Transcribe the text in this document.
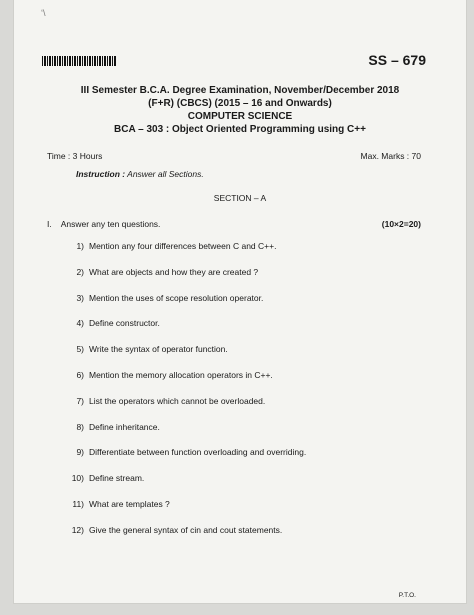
‘\
SS – 679
III Semester B.C.A. Degree Examination, November/December 2018
(F+R) (CBCS) (2015 – 16 and Onwards)
COMPUTER SCIENCE
BCA – 303 : Object Oriented Programming using C++
Time : 3 Hours	Max. Marks : 70
Instruction : Answer all Sections.
SECTION – A
I. Answer any ten questions.	(10×2=20)
1) Mention any four differences between C and C++.
2) What are objects and how they are created ?
3) Mention the uses of scope resolution operator.
4) Define constructor.
5) Write the syntax of operator function.
6) Mention the memory allocation operators in C++.
7) List the operators which cannot be overloaded.
8) Define inheritance.
9) Differentiate between function overloading and overriding.
10) Define stream.
11) What are templates ?
12) Give the general syntax of cin and cout statements.
P.T.O.
